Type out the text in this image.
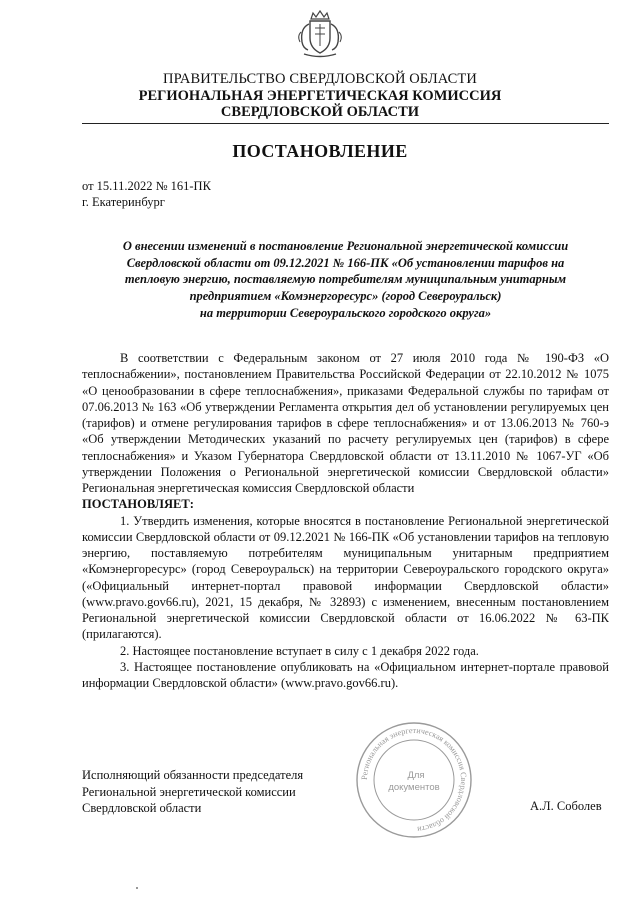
ПРАВИТЕЛЬСТВО СВЕРДЛОВСКОЙ ОБЛАСТИ
РЕГИОНАЛЬНАЯ ЭНЕРГЕТИЧЕСКАЯ КОМИССИЯ
СВЕРДЛОВСКОЙ ОБЛАСТИ
ПОСТАНОВЛЕНИЕ
от 15.11.2022 № 161-ПК
г. Екатеринбург
О внесении изменений в постановление Региональной энергетической комиссии
Свердловской области от 09.12.2021 № 166-ПК «Об установлении тарифов на
тепловую энергию, поставляемую потребителям муниципальным унитарным
предприятием «Комэнергоресурс» (город Североуральск)
на территории Североуральского городского округа»

В соответствии с Федеральным законом от 27 июля 2010 года № 190-ФЗ «О теплоснабжении», постановлением Правительства Российской Федерации от 22.10.2012 № 1075 «О ценообразовании в сфере теплоснабжения», приказами Федеральной службы по тарифам от 07.06.2013 № 163 «Об утверждении Регламента открытия дел об установлении регулируемых цен (тарифов) и отмене регулирования тарифов в сфере теплоснабжения» и от 13.06.2013 № 760-э «Об утверждении Методических указаний по расчету регулируемых цен (тарифов) в сфере теплоснабжения» и Указом Губернатора Свердловской области от 13.11.2010 № 1067-УГ «Об утверждении Положения о Региональной энергетической комиссии Свердловской области» Региональная энергетическая комиссия Свердловской области

ПОСТАНОВЛЯЕТ:

1. Утвердить изменения, которые вносятся в постановление Региональной энергетической комиссии Свердловской области от 09.12.2021 № 166-ПК «Об установлении тарифов на тепловую энергию, поставляемую потребителям муниципальным унитарным предприятием «Комэнергоресурс» (город Североуральск) на территории Североуральского городского округа» («Официальный интернет-портал правовой информации Свердловской области» (www.pravo.gov66.ru), 2021, 15 декабря, № 32893) с изменением, внесенным постановлением Региональной энергетической комиссии Свердловской области от 16.06.2022 № 63-ПК (прилагаются).

2. Настоящее постановление вступает в силу с 1 декабря 2022 года.

3. Настоящее постановление опубликовать на «Официальном интернет-портале правовой информации Свердловской области» (www.pravo.gov66.ru).

Региональная энергетическая комиссия Свердловской области
Для
документов
Исполняющий обязанности председателя
Региональной энергетической комиссии
Свердловской области	А.Л. Соболев
